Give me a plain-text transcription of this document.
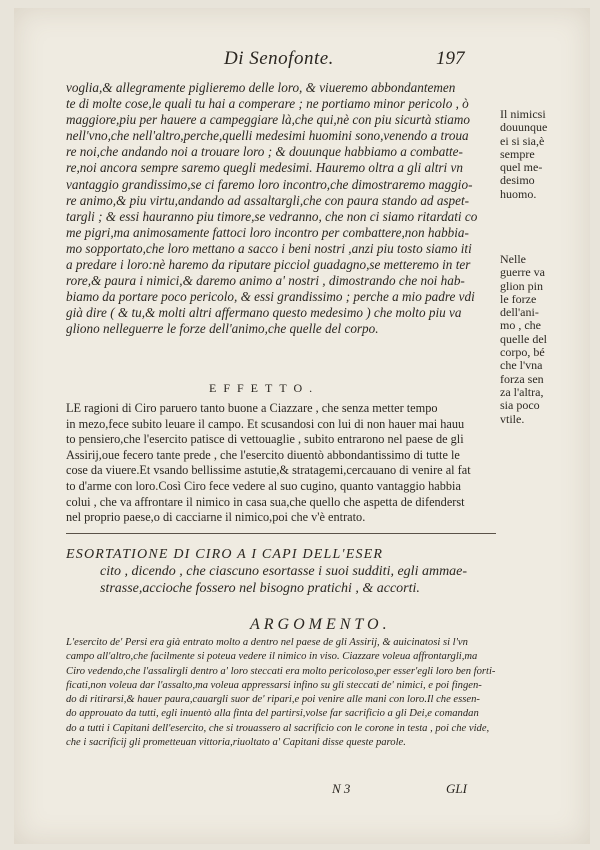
Di Senofonte.	197
voglia,& allegramente piglieremo delle loro, & viueremo abbondantemen
te di molte cose,le quali tu hai a comperare ; ne portiamo minor pericolo , ò
maggiore,piu per hauere a campeggiare là,che qui,nè con piu sicurtà stiamo
nell'vno,che nell'altro,perche,quelli medesimi huomini sono,venendo a troua
re noi,che andando noi a trouare loro ; & douunque habbiamo a combatte-
re,noi ancora sempre saremo quegli medesimi. Hauremo oltra a gli altri vn
vantaggio grandissimo,se ci faremo loro incontro,che dimostraremo maggio-
re animo,& piu virtu,andando ad assaltargli,che con paura stando ad aspet-
targli ; & essi hauranno piu timore,se vedranno, che non ci siamo ritardati co
me pigri,ma animosamente fattoci loro incontro per combattere,non habbia-
mo sopportato,che loro mettano a sacco i beni nostri ,anzi piu tosto siamo iti
a predare i loro:nè haremo da riputare picciol guadagno,se metteremo in ter
rore,& paura i nimici,& daremo animo a' nostri , dimostrando che noi hab-
biamo da portare poco pericolo, & essi grandissimo ; perche a mio padre vdi
già dire ( & tu,& molti altri affermano questo medesimo ) che molto piu va
gliono nelleguerre le forze dell'animo,che quelle del corpo.
EFFETTO.
LE ragioni di Ciro paruero tanto buone a Ciazzare , che senza metter tempo
in mezo,fece subito leuare il campo. Et scusandosi con lui di non hauer mai hauu
to pensiero,che l'esercito patisce di vettouaglie , subito entrarono nel paese de gli
Assirij,oue fecero tante prede , che l'esercito diuentò abbondantissimo di tutte le
cose da viuere.Et vsando bellissime astutie,& stratagemi,cercauano di venire al fat
to d'arme con loro.Così Ciro fece vedere al suo cugino, quanto vantaggio habbia
colui , che va affrontare il nimico in casa sua,che quello che aspetta de difenderst
nel proprio paese,o di cacciarne il nimico,poi che v'è entrato.
ESORTATIONE DI CIRO A I CAPI DELL'ESER
cito , dicendo , che ciascuno esortasse i suoi sudditi, egli ammae-
strasse,accioche fossero nel bisogno pratichi , & accorti.
ARGOMENTO.
L'esercito de' Persi era già entrato molto a dentro nel paese de gli Assirij, & auicinatosi si l'vn
campo all'altro,che facilmente si poteua vedere il nimico in viso. Ciazzare voleua affrontargli,ma
Ciro vedendo,che l'assalirgli dentro a' loro steccati era molto pericoloso,per esser'egli loro ben forti-
ficati,non voleua dar l'assalto,ma voleua appressarsi infino su gli steccati de' nimici, e poi fingen-
do di ritirarsi,& hauer paura,cauargli suor de' ripari,e poi venire alle mani con loro.Il che essen-
do approuato da tutti, egli inuentò alla finta del partirsi,volse far sacrificio a gli Dei,e comandan
do a tutti i Capitani dell'esercito, che si trouassero al sacrificio con le corone in testa , poi che vide,
che i sacrificij gli prometteuan vittoria,riuoltato a' Capitani disse queste parole.
N 3	GLI
Il nimicsi
douunque
ei si sia,è
sempre
quel me-
desimo
huomo.
Nelle
guerre va
glion pin
le forze
dell'ani-
mo , che
quelle del
corpo, bé
che l'vna
forza sen
za l'altra,
sia poco
vtile.
